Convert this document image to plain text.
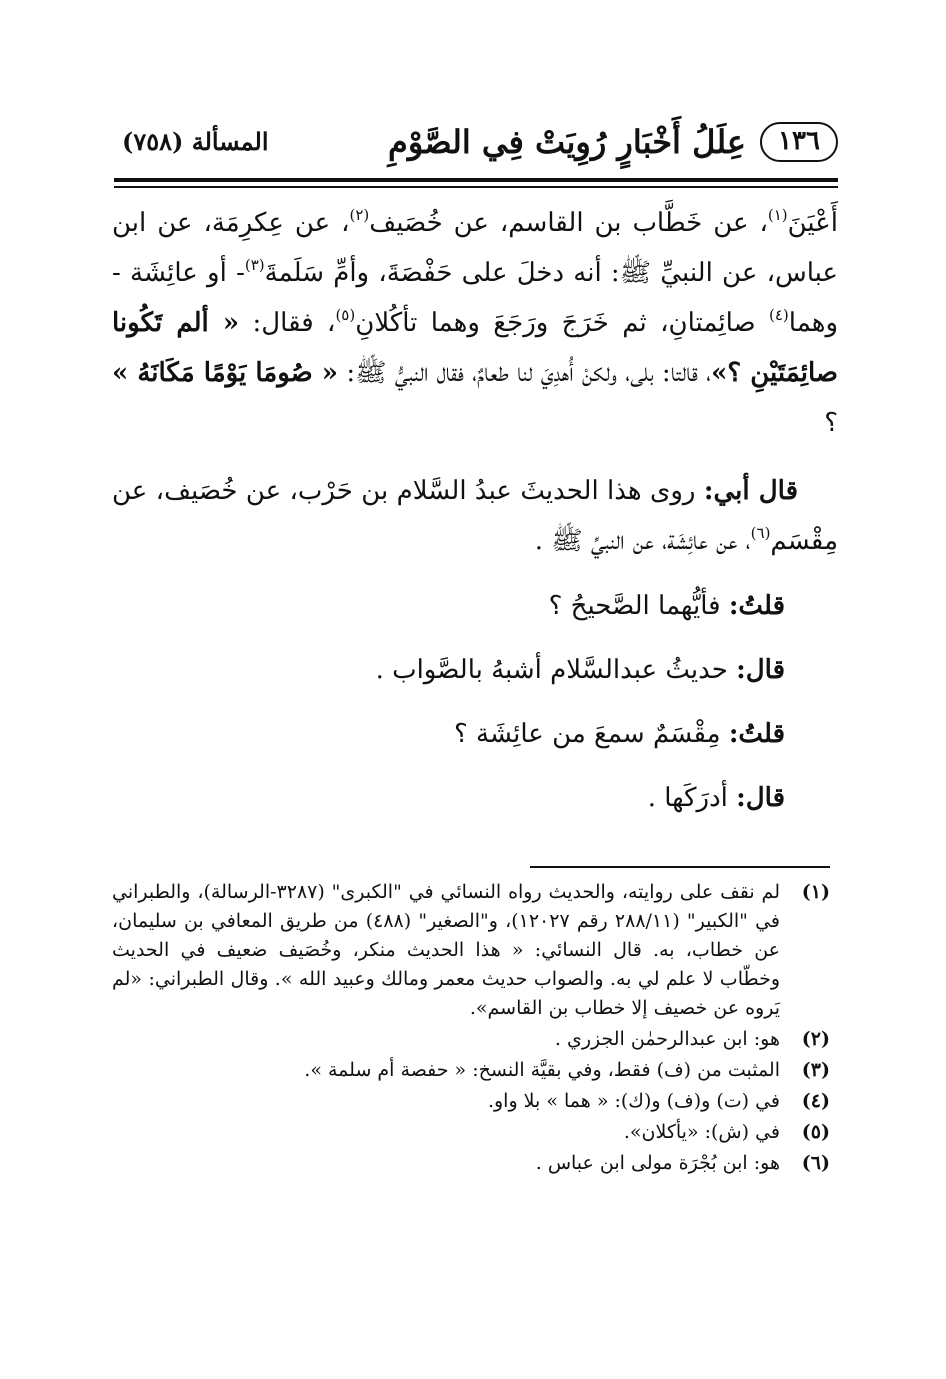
١٣٦
عِلَلُ أَخْبَارٍ رُوِيَتْ فِي الصَّوْمِ
المسألة (٧٥٨)

أَعْيَنَ$^{(١)}$، عن خَطَّاب بن القاسم، عن خُصَيف$^{(٢)}$، عن عِكرِمَة، عن ابن عباس، عن النبيِّ ﷺ: أنه دخلَ على حَفْصَةَ، وأمِّ سَلَمةَ$^{(٣)}$- أو عائِشَة - وهما$^{(٤)}$ صائِمتانِ، ثم خَرَجَ ورَجَعَ وهما تأكُلانِ$^{(٥)}$، فقال: « ألم تَكُونا صائِمَتَيْنِ ؟»، قالتا: بلى، ولكنْ أُهدِيَ لنا طعامٌ، فقال النبيُّ ﷺ: « صُومَا يَوْمًا مَكَانَهُ » ؟

قال أبي: روى هذا الحديثَ عبدُ السَّلام بن حَرْب، عن خُصَيف، عن مِقْسَم$^{(٦)}$، عن عائِشَة، عن النبيِّ ﷺ .

قلتُ: فأيُّهما الصَّحيحُ ؟
قال: حديثُ عبدالسَّلام أشبهُ بالصَّواب .
قلتُ: مِقْسَمٌ سمعَ من عائِشَة ؟
قال: أدرَكَها .
(١)
لم نقف على روايته، والحديث رواه النسائي في "الكبرى" (٣٢٨٧-الرسالة)، والطبراني في "الكبير" (٢٨٨/١١ رقم ١٢٠٢٧)، و"الصغير" (٤٨٨) من طريق المعافي بن سليمان، عن خطاب، به. قال النسائي: « هذا الحديث منكر، وخُصَيف ضعيف في الحديث وخطّاب لا علم لي به. والصواب حديث معمر ومالك وعبيد الله ». وقال الطبراني: «لم يَروه عن خصيف إلا خطاب بن القاسم».
(٢)
هو: ابن عبدالرحمٰن الجزري .
(٣)
المثبت من (ف) فقط، وفي بقيَّة النسخ: « حفصة أم سلمة ».
(٤)
في (ت) و(ف) و(ك): « هما » بلا واو.
(٥)
في (ش): «يأكلان».
(٦)
هو: ابن بُجْرَة مولى ابن عباس .
